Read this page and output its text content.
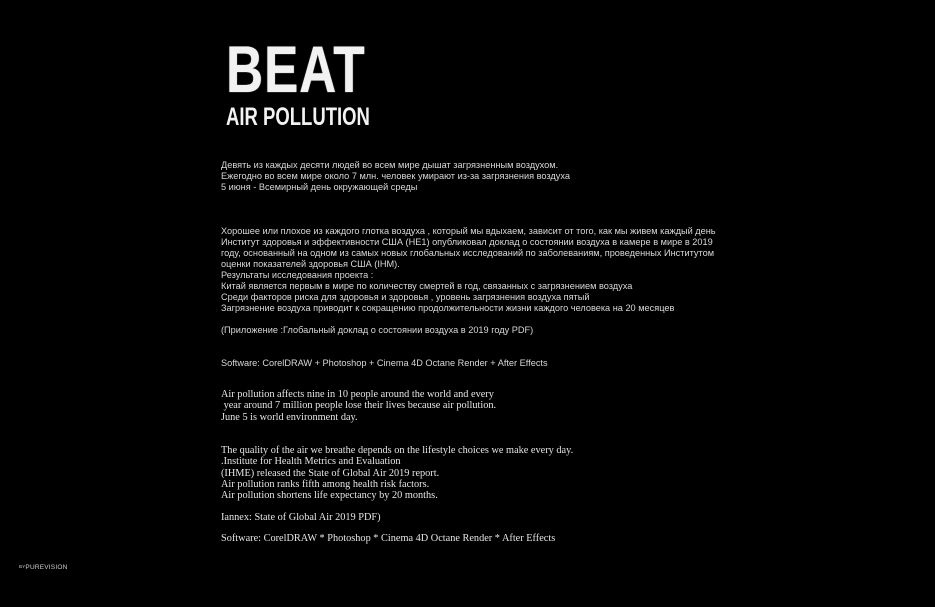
BEAT
AIR POLLUTION
Девять из каждых десяти людей во всем мире дышат загрязненным воздухом.
Ежегодно во всем мире около 7 млн. человек умирают из-за загрязнения воздуха
5 июня - Всемирный день окружающей среды
Хорошее или плохое из каждого глотка воздуха , который мы вдыхаем, зависит от того, как мы живем каждый день
Институт здоровья и эффективности США (HE1) опубликовал доклад о состоянии воздуха в камере в мире в 2019
году, основанный на одном из самых новых глобальных исследований по заболеваниям, проведенных Институтом
оценки показателей здоровья США (IHM).
Результаты исследования проекта :
Китай является первым в мире по количеству смертей в год, связанных с загрязнением воздуха
Среди факторов риска для здоровья и здоровья , уровень загрязнения воздуха пятый
Загрязнение воздуха приводит к сокращению продолжительности жизни каждого человека на 20 месяцев
(Приложение :Глобальный доклад о состоянии воздуха в 2019 году PDF)
Software: CorelDRAW + Photoshop + Cinema 4D Octane Render + After Effects
Air pollution affects nine in 10 people around the world and every
year around 7 million people lose their lives because air pollution.
June 5 is world environment day.
The quality of the air we breathe depends on the lifestyle choices we make every day.
.Institute for Health Metrics and Evaluation
(IHME) released the State of Global Air 2019 report.
Air pollution ranks fifth among health risk factors.
Air pollution shortens life expectancy by 20 months.
Iannex: State of Global Air 2019 PDF)
Software: CorelDRAW * Photoshop * Cinema 4D Octane Render * After Effects
$^{BY}$PUREVISION
